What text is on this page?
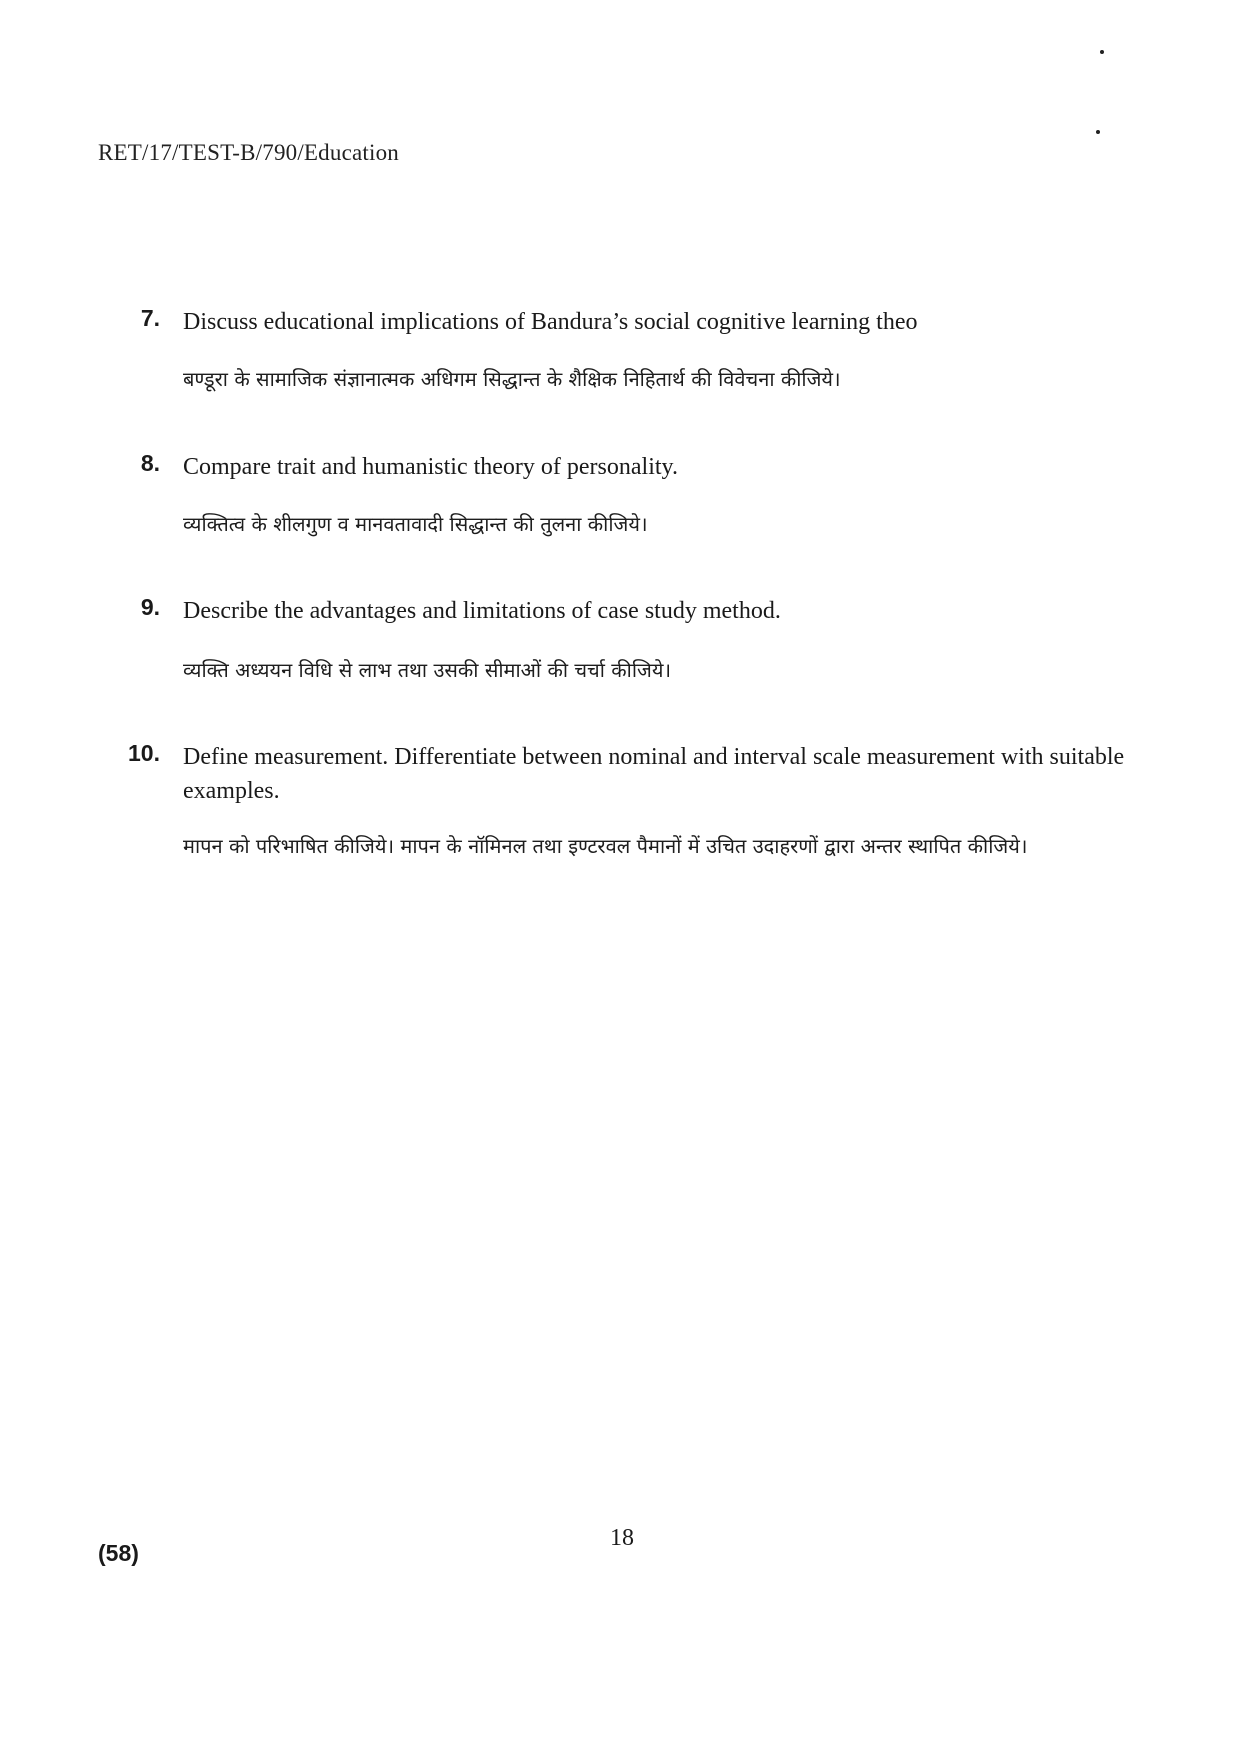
RET/17/TEST-B/790/Education
7. Discuss educational implications of Bandura’s social cognitive learning theo
बण्डूरा के सामाजिक संज्ञानात्मक अधिगम सिद्धान्त के शैक्षिक निहितार्थ की विवेचना कीजिये।
8. Compare trait and humanistic theory of personality.
व्यक्तित्व के शीलगुण व मानवतावादी सिद्धान्त की तुलना कीजिये।
9. Describe the advantages and limitations of case study method.
व्यक्ति अध्ययन विधि से लाभ तथा उसकी सीमाओं की चर्चा कीजिये।
10. Define measurement. Differentiate between nominal and interval scale measurement with suitable examples.
मापन को परिभाषित कीजिये। मापन के नॉमिनल तथा इण्टरवल पैमानों में उचित उदाहरणों द्वारा अन्तर स्थापित कीजिये।
(58)
18
